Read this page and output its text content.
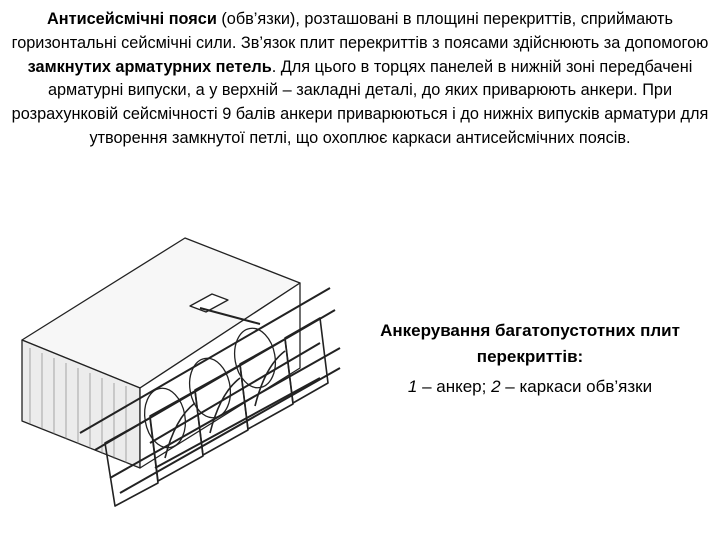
Антисейсмічні пояси (обв’язки), розташовані в площині перекриттів, сприймають горизонтальні сейсмічні сили. Зв’язок плит перекриттів з поясами здійснюють за допомогою замкнутих арматурних петель. Для цього в торцях панелей в нижній зоні передбачені арматурні випуски, а у верхній – закладні деталі, до яких приварюють анкери. При розрахунковій сейсмічності 9 балів анкери приварюються і до нижніх випусків арматури для утворення замкнутої петлі, що охоплює каркаси антисейсмічних поясів.
Анкерування багатопустотних плит перекриттів:
1 – анкер; 2 – каркаси обв’язки
